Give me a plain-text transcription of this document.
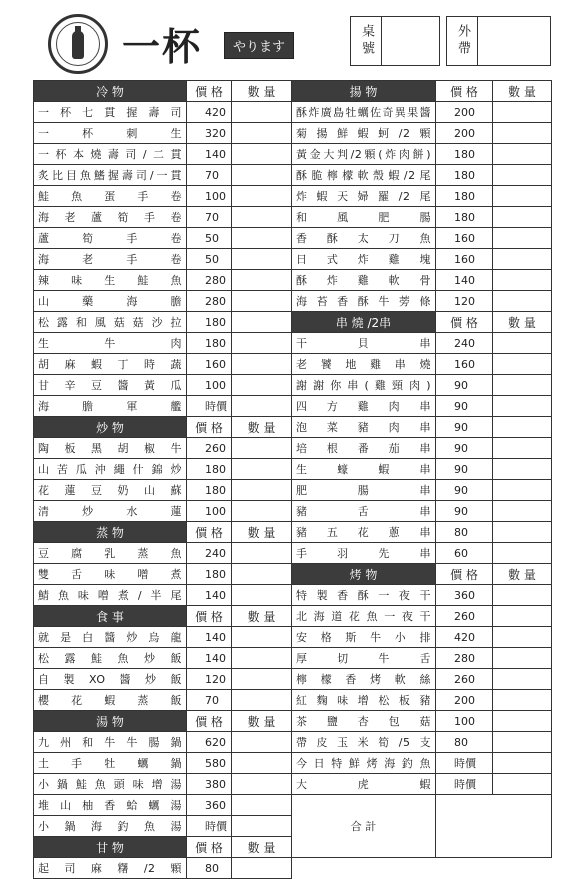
一杯	やります	桌號	外帶
冷 物	價 格	數 量
一杯七貫握壽司	420	
一 杯 刺 生	320	
一杯本燒壽司/二貫	140	
炙比目魚鰭握壽司/一貫	70	
鮭魚蛋手卷	100	
海老蘆筍手卷	70	
蘆筍手卷	50	
海老手卷	50	
辣味生鮭魚	280	
山藥海膽	280	
松露和風菇菇沙拉	180	
生牛肉	180	
胡麻蝦丁時蔬	160	
甘辛豆醬黃瓜	100	
海膽軍艦	時價	
炒 物	價 格	數 量
陶板黑胡椒牛	260	
山苦瓜沖繩什錦炒	180	
花蓮豆奶山蘇	180	
清炒水蓮	100	
蒸 物	價 格	數 量
豆腐乳蒸魚	240	
雙舌味噌煮	180	
鯖魚味噌煮/半尾	140	
食 事	價 格	數 量
就是白醬炒烏龍	140	
松露鮭魚炒飯	140	
自製XO醬炒飯	120	
櫻花蝦蒸飯	70	
湯 物	價 格	數 量
九州和牛牛腸鍋	620	
土手牡蠣鍋	580	
小鍋鮭魚頭味增湯	380	
堆山柚香蛤蠣湯	360	
小鍋海釣魚湯	時價	
甘 物	價 格	數 量
起司麻糬/2顆	80	
揚 物	價 格	數 量
酥炸廣島牡蠣佐奇異果醬	200	
菊揚鮮蝦蚵/2顆	200	
黃金大判/2顆(炸肉餅)	180	
酥脆檸檬軟殼蝦/2尾	180	
炸蝦天婦羅/2尾	180	
和風肥腸	180	
香酥太刀魚	160	
日式炸雞塊	160	
酥炸雞軟骨	140	
海苔香酥牛蒡條	120	
串 燒 /2串	價 格	數 量
干貝串	240	
老饕地雞串燒	160	
謝謝你串(雞頸肉)	90	
四方雞肉串	90	
泡菜豬肉串	90	
培根番茄串	90	
生蠔蝦串	90	
肥腸串	90	
豬舌串	90	
豬五花蔥串	80	
手羽先串	60	
烤 物	價 格	數 量
特製香酥一夜干	360	
北海道花魚一夜干	260	
安格斯牛小排	420	
厚切牛舌	280	
檸檬香烤軟絲	260	
紅麴味增松板豬	200	
茶鹽杏包菇	100	
帶皮玉米筍/5支	80	
今日特鮮烤海釣魚	時價	
大虎蝦	時價	
合 計		
